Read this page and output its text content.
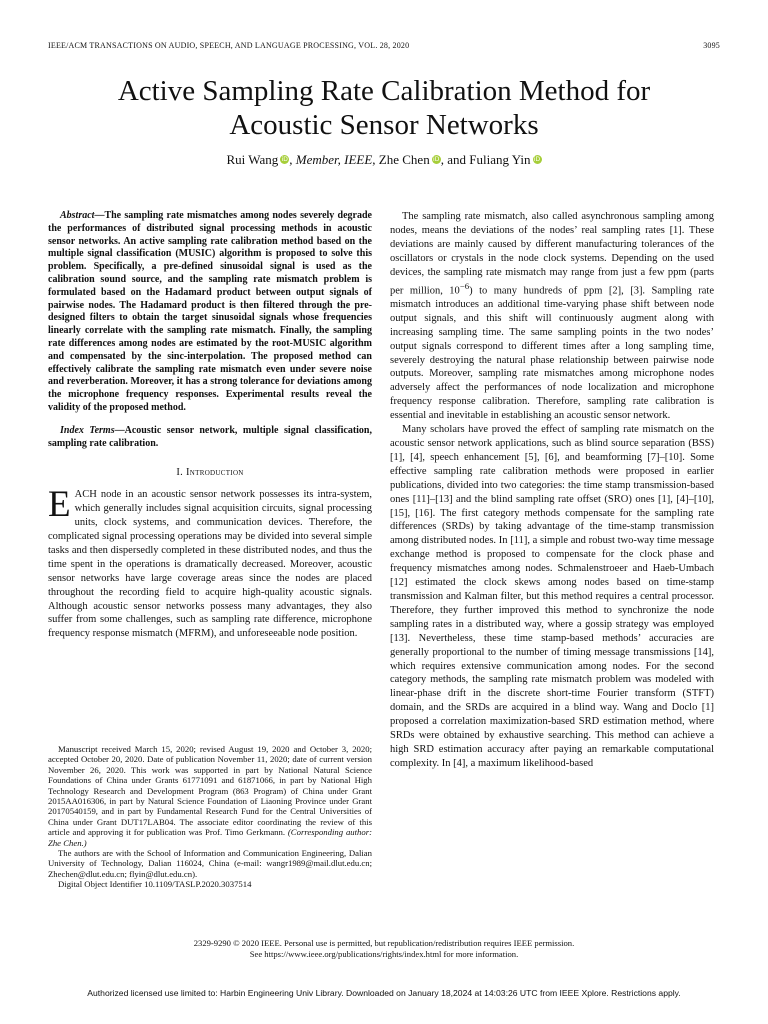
IEEE/ACM TRANSACTIONS ON AUDIO, SPEECH, AND LANGUAGE PROCESSING, VOL. 28, 2020	3095
Active Sampling Rate Calibration Method for
Acoustic Sensor Networks
Rui Wang iD, Member, IEEE, Zhe Chen iD, and Fuliang Yin iD

Abstract—The sampling rate mismatches among nodes severely degrade the performances of distributed signal processing methods in acoustic sensor networks. An active sampling rate calibration method based on the multiple signal classification (MUSIC) algorithm is proposed to solve this problem. Specifically, a pre-defined sinusoidal signal is used as the calibration sound source, and the sampling rate mismatch problem is formulated based on the Hadamard product between output signals of pairwise nodes. The Hadamard product is then filtered through the pre-designed filters to obtain the target sinusoidal signals whose frequencies linearly correlate with the sampling rate mismatch. Finally, the sampling rate differences among nodes are estimated by the root-MUSIC algorithm and compensated by the sinc-interpolation. The proposed method can effectively calibrate the sampling rate mismatch even under severe noise and reverberation. Moreover, it has a strong tolerance for deviations among the microphone frequency responses. Experimental results reveal the validity of the proposed method.

Index Terms—Acoustic sensor network, multiple signal classification, sampling rate calibration.

I. Introduction

EACH node in an acoustic sensor network possesses its intra-system, which generally includes signal acquisition circuits, signal processing units, clock systems, and communication devices. Therefore, the complicated signal processing operations may be divided into several simple tasks and then dispersedly completed in these distributed nodes, and thus the time spent in the operations is dramatically decreased. Moreover, acoustic sensor networks have large coverage areas since the nodes are placed throughout the recording field to acquire high-quality acoustic signals. Although acoustic sensor networks possess many advantages, they also suffer from some challenges, such as sampling rate difference, microphone frequency response mismatch (MFRM), and unforeseeable node position.

Manuscript received March 15, 2020; revised August 19, 2020 and October 3, 2020; accepted October 20, 2020. Date of publication November 11, 2020; date of current version November 26, 2020. This work was supported in part by National Natural Science Foundations of China under Grants 61771091 and 61871066, in part by National High Technology Research and Development Program (863 Program) of China under Grant 2015AA016306, in part by Natural Science Foundation of Liaoning Province under Grant 20170540159, and in part by Fundamental Research Fund for the Central Universities of China under Grant DUT17LAB04. The associate editor coordinating the review of this article and approving it for publication was Prof. Timo Gerkmann. (Corresponding author: Zhe Chen.)

The authors are with the School of Information and Communication Engineering, Dalian University of Technology, Dalian 116024, China (e-mail: wangr1989@mail.dlut.edu.cn; Zhechen@dlut.edu.cn; flyin@dlut.edu.cn).

Digital Object Identifier 10.1109/TASLP.2020.3037514

The sampling rate mismatch, also called asynchronous sampling among nodes, means the deviations of the nodes’ real sampling rates [1]. These deviations are mainly caused by different manufacturing tolerances of the oscillators or crystals in the node clock systems. Depending on the used devices, the sampling rate mismatch may range from just a few ppm (parts per million, $10^{-6}$) to many hundreds of ppm [2], [3]. Sampling rate mismatch introduces an additional time-varying phase shift between node output signals, and this shift will continuously augment along with increasing sampling time. The same sampling points in the two nodes’ output signals correspond to different times after a long sampling time, severely destroying the natural phase relationship between pairwise node outputs. Moreover, sampling rate mismatches among microphone nodes adversely affect the performances of node localization and microphone frequency response calibration. Therefore, sampling rate calibration is essential and inevitable in establishing an acoustic sensor network.

Many scholars have proved the effect of sampling rate mismatch on the acoustic sensor network applications, such as blind source separation (BSS) [1], [4], speech enhancement [5], [6], and beamforming [7]–[10]. Some effective sampling rate calibration methods were proposed in earlier publications, divided into two categories: the time stamp transmission-based ones [11]–[13] and the blind sampling rate offset (SRO) ones [1], [4]–[10], [15], [16]. The first category methods compensate for the sampling rate differences (SRDs) by taking advantage of the time-stamp transmission among distributed nodes. In [11], a simple and robust two-way time message exchange method is proposed to compensate for the clock phase and frequency mismatches among nodes. Schmalenstroeer and Haeb-Umbach [12] estimated the clock skews among nodes based on time-stamp transmission and Kalman filter, but this method requires a central processor. Therefore, they further improved this method to synchronize the node sampling rates in a distributed way, where a gossip strategy was employed [13]. Nevertheless, these time stamp-based methods’ accuracies are generally proportional to the number of timing message transmissions [14], which requires extensive communication among nodes. For the second category methods, the sampling rate mismatch problem was modeled with linear-phase drift in the discrete short-time Fourier transform (STFT) domain, and the SRDs are acquired in a blind way. Wang and Doclo [1] proposed a correlation maximization-based SRD estimation method, where SRDs were obtained by exhaustive searching. This method can achieve a high SRD estimation accuracy after paying an remarkable computational complexity. In [4], a maximum likelihood-based

2329-9290 © 2020 IEEE. Personal use is permitted, but republication/redistribution requires IEEE permission.
See https://www.ieee.org/publications/rights/index.html for more information.
Authorized licensed use limited to: Harbin Engineering Univ Library. Downloaded on January 18,2024 at 14:03:26 UTC from IEEE Xplore. Restrictions apply.
